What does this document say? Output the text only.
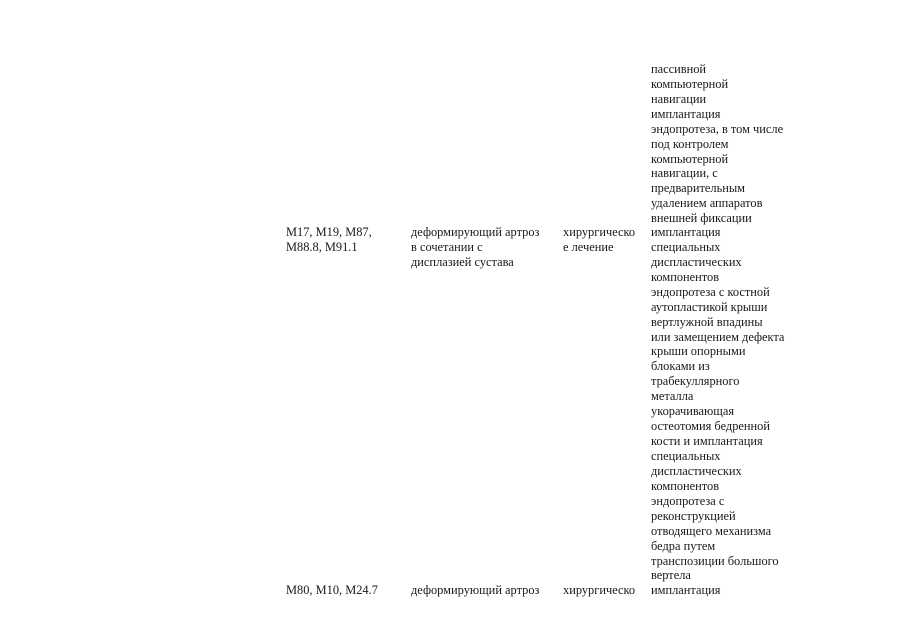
M17, M19, M87,
M88.8, M91.1
деформирующий артроз
в сочетании с
дисплазией сустава
хирургическо
е лечение
M80, M10, M24.7	деформирующий артроз хирургическо
пассивной
компьютерной
навигации
имплантация
эндопротеза, в том числе
под контролем
компьютерной
навигации, с
предварительным
удалением аппаратов
внешней фиксации
имплантация
специальных
диспластических
компонентов
эндопротеза с костной
аутопластикой крыши
вертлужной впадины
или замещением дефекта
крыши опорными
блоками из
трабекуллярного
металла
укорачивающая
остеотомия бедренной
кости и имплантация
специальных
диспластических
компонентов
эндопротеза с
реконструкцией
отводящего механизма
бедра путем
транспозиции большого
вертела
имплантация
